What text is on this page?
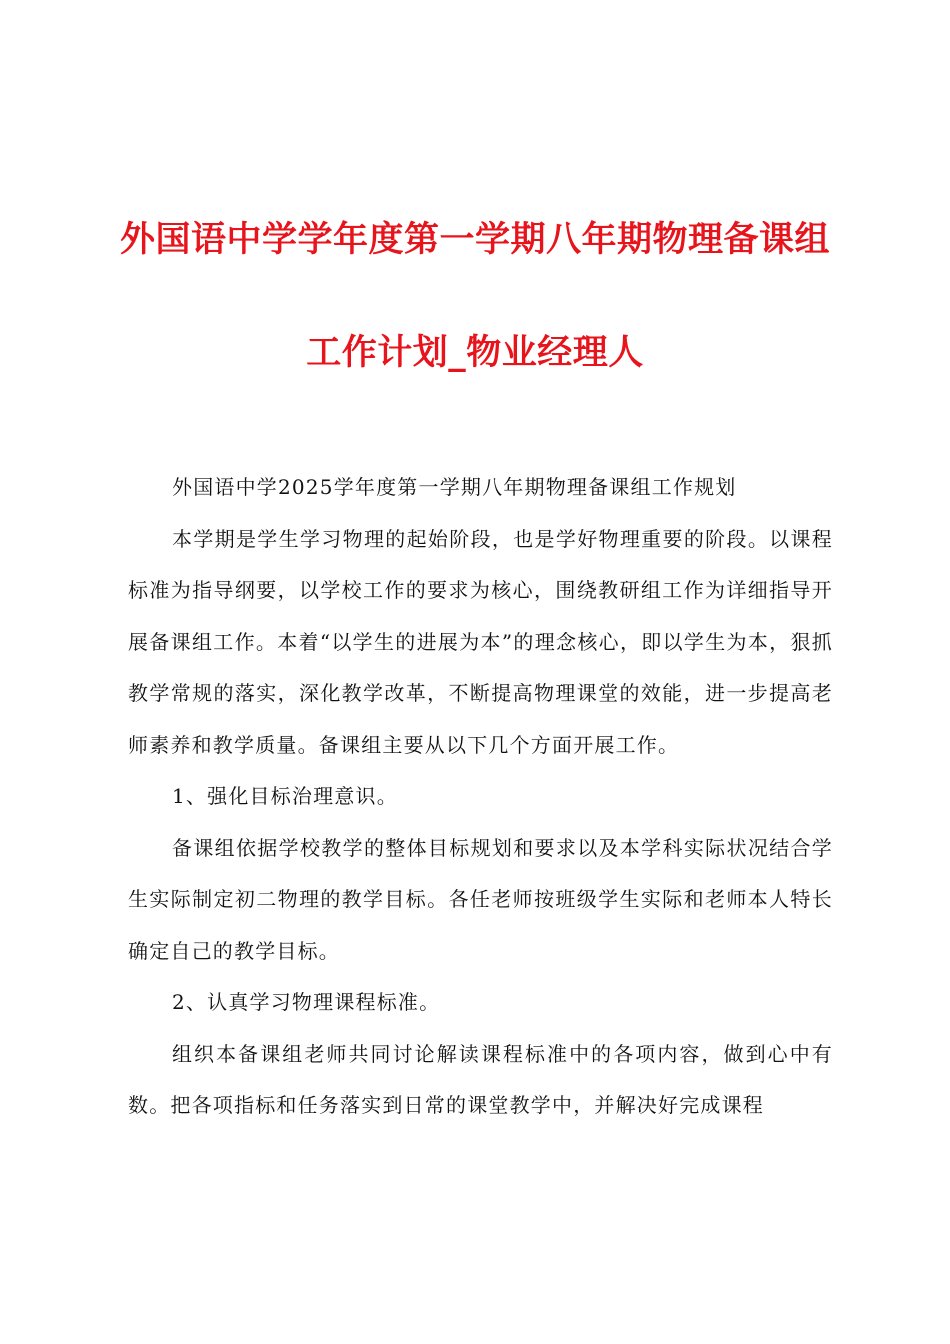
外国语中学学年度第一学期八年期物理备课组
工作计划_物业经理人

外国语中学2025学年度第一学期八年期物理备课组工作规划

本学期是学生学习物理的起始阶段，也是学好物理重要的阶段。以课程标准为指导纲要，以学校工作的要求为核心，围绕教研组工作为详细指导开展备课组工作。本着“以学生的进展为本”的理念核心，即以学生为本，狠抓教学常规的落实，深化教学改革，不断提高物理课堂的效能，进一步提高老师素养和教学质量。备课组主要从以下几个方面开展工作。

1、强化目标治理意识。

备课组依据学校教学的整体目标规划和要求以及本学科实际状况结合学生实际制定初二物理的教学目标。各任老师按班级学生实际和老师本人特长确定自己的教学目标。

2、认真学习物理课程标准。

组织本备课组老师共同讨论解读课程标准中的各项内容，做到心中有数。把各项指标和任务落实到日常的课堂教学中，并解决好完成课程
